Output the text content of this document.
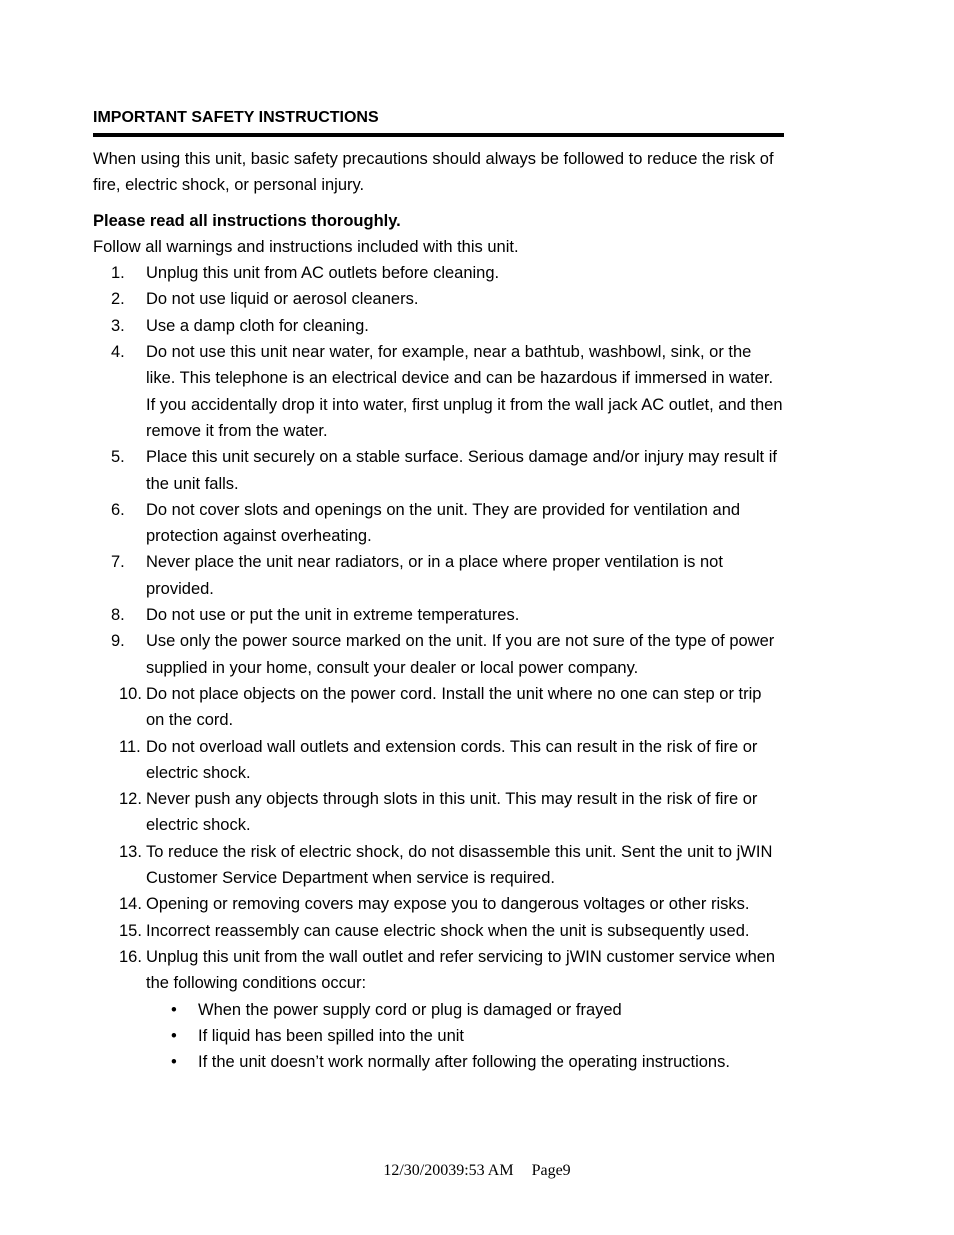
IMPORTANT SAFETY INSTRUCTIONS

When using this unit, basic safety precautions should always be followed to reduce the risk of fire, electric shock, or personal injury.

Please read all instructions thoroughly.

Follow all warnings and instructions included with this unit.

1.	Unplug this unit from AC outlets before cleaning.
2.	Do not use liquid or aerosol cleaners.
3.	Use a damp cloth for cleaning.
4.	Do not use this unit near water, for example, near a bathtub, washbowl, sink, or the like. This telephone is an electrical device and can be hazardous if immersed in water. If you accidentally drop it into water, first unplug it from the wall jack AC outlet, and then remove it from the water.
5.	Place this unit securely on a stable surface. Serious damage and/or injury may result if the unit falls.
6.	Do not cover slots and openings on the unit. They are provided for ventilation and protection against overheating.
7.	Never place the unit near radiators, or in a place where proper ventilation is not provided.
8.	Do not use or put the unit in extreme temperatures.
9.	Use only the power source marked on the unit. If you are not sure of the type of power supplied in your home, consult your dealer or local power company.
10. Do not place objects on the power cord. Install the unit where no one can step or trip on the cord.
11. Do not overload wall outlets and extension cords. This can result in the risk of fire or electric shock.
12. Never push any objects through slots in this unit. This may result in the risk of fire or electric shock.
13. To reduce the risk of electric shock, do not disassemble this unit. Sent the unit to jWIN Customer Service Department when service is required.
14. Opening or removing covers may expose you to dangerous voltages or other risks.
15. Incorrect reassembly can cause electric shock when the unit is subsequently used.
16. Unplug this unit from the wall outlet and refer servicing to jWIN customer service when the following conditions occur:
• When the power supply cord or plug is damaged or frayed
• If liquid has been spilled into the unit
• If the unit doesn’t work normally after following the operating instructions.
12/30/20039:53 AM Page9
